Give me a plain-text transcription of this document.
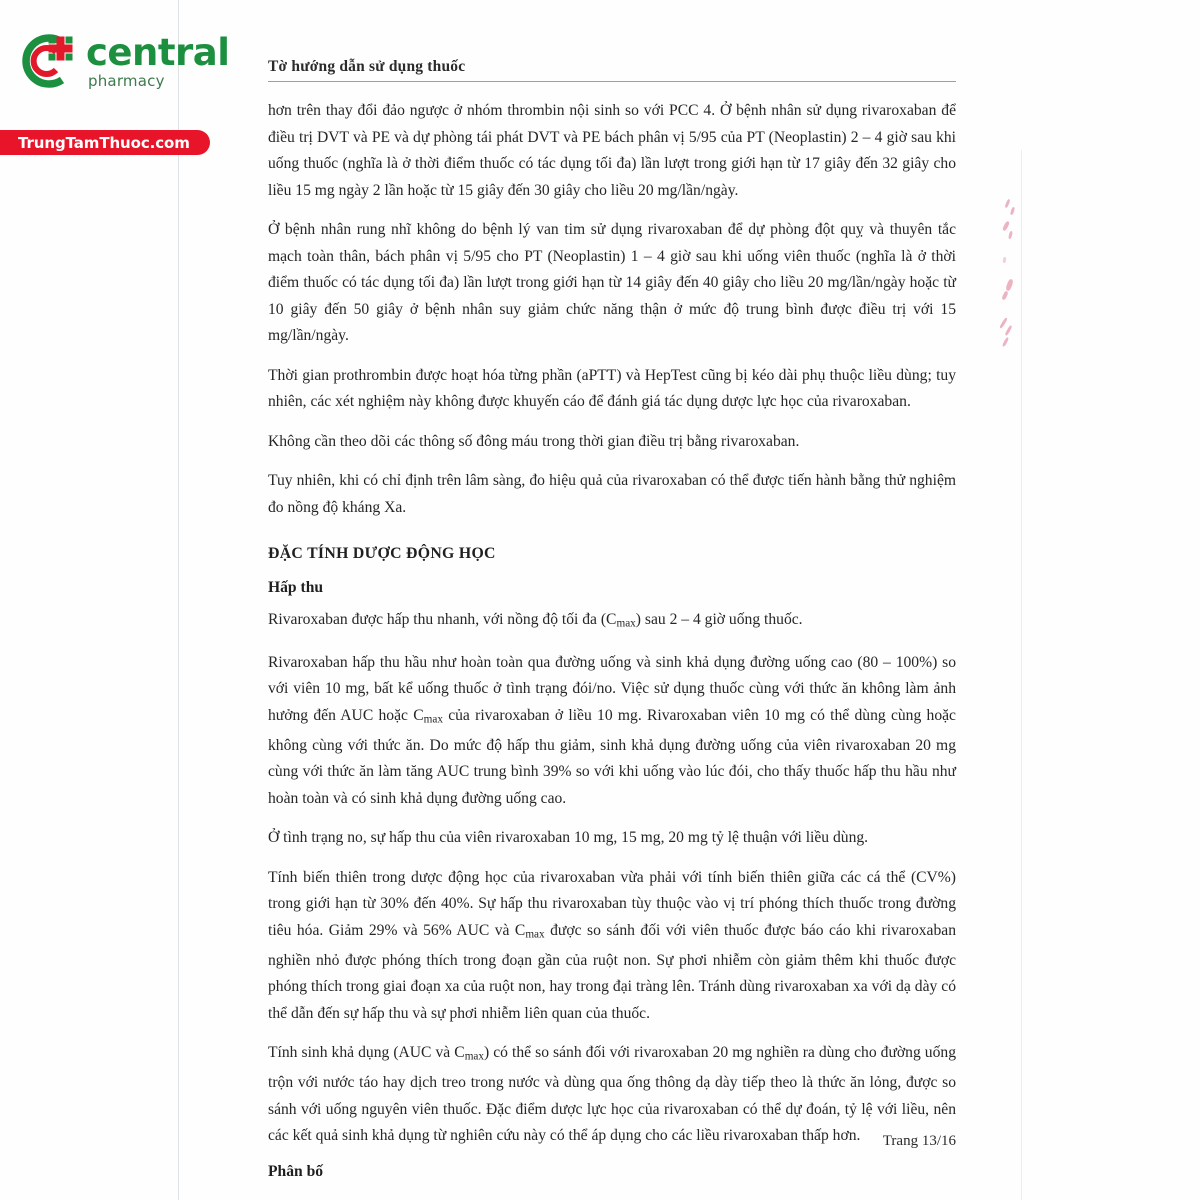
central
pharmacy
TrungTamThuoc.com
Tờ hướng dẫn sử dụng thuốc

hơn trên thay đổi đảo ngược ở nhóm thrombin nội sinh so với PCC 4. Ở bệnh nhân sử dụng rivaroxaban để điều trị DVT và PE và dự phòng tái phát DVT và PE bách phân vị 5/95 của PT (Neoplastin) 2 – 4 giờ sau khi uống thuốc (nghĩa là ở thời điểm thuốc có tác dụng tối đa) lần lượt trong giới hạn từ 17 giây đến 32 giây cho liều 15 mg ngày 2 lần hoặc từ 15 giây đến 30 giây cho liều 20 mg/lần/ngày.

Ở bệnh nhân rung nhĩ không do bệnh lý van tim sử dụng rivaroxaban để dự phòng đột quỵ và thuyên tắc mạch toàn thân, bách phân vị 5/95 cho PT (Neoplastin) 1 – 4 giờ sau khi uống viên thuốc (nghĩa là ở thời điểm thuốc có tác dụng tối đa) lần lượt trong giới hạn từ 14 giây đến 40 giây cho liều 20 mg/lần/ngày hoặc từ 10 giây đến 50 giây ở bệnh nhân suy giảm chức năng thận ở mức độ trung bình được điều trị với 15 mg/lần/ngày.

Thời gian prothrombin được hoạt hóa từng phần (aPTT) và HepTest cũng bị kéo dài phụ thuộc liều dùng; tuy nhiên, các xét nghiệm này không được khuyến cáo để đánh giá tác dụng dược lực học của rivaroxaban.

Không cần theo dõi các thông số đông máu trong thời gian điều trị bằng rivaroxaban.

Tuy nhiên, khi có chỉ định trên lâm sàng, đo hiệu quả của rivaroxaban có thể được tiến hành bằng thử nghiệm đo nồng độ kháng Xa.

ĐẶC TÍNH DƯỢC ĐỘNG HỌC
Hấp thu

Rivaroxaban được hấp thu nhanh, với nồng độ tối đa $(C_{max})$ sau 2 – 4 giờ uống thuốc.

Rivaroxaban hấp thu hầu như hoàn toàn qua đường uống và sinh khả dụng đường uống cao (80 – 100%) so với viên 10 mg, bất kể uống thuốc ở tình trạng đói/no. Việc sử dụng thuốc cùng với thức ăn không làm ảnh hưởng đến AUC hoặc $C_{max}$ của rivaroxaban ở liều 10 mg. Rivaroxaban viên 10 mg có thể dùng cùng hoặc không cùng với thức ăn. Do mức độ hấp thu giảm, sinh khả dụng đường uống của viên rivaroxaban 20 mg cùng với thức ăn làm tăng AUC trung bình 39% so với khi uống vào lúc đói, cho thấy thuốc hấp thu hầu như hoàn toàn và có sinh khả dụng đường uống cao.

Ở tình trạng no, sự hấp thu của viên rivaroxaban 10 mg, 15 mg, 20 mg tỷ lệ thuận với liều dùng.

Tính biến thiên trong dược động học của rivaroxaban vừa phải với tính biến thiên giữa các cá thể (CV%) trong giới hạn từ 30% đến 40%. Sự hấp thu rivaroxaban tùy thuộc vào vị trí phóng thích thuốc trong đường tiêu hóa. Giảm 29% và 56% AUC và $C_{max}$ được so sánh đối với viên thuốc được báo cáo khi rivaroxaban nghiền nhỏ được phóng thích trong đoạn gần của ruột non. Sự phơi nhiễm còn giảm thêm khi thuốc được phóng thích trong giai đoạn xa của ruột non, hay trong đại tràng lên. Tránh dùng rivaroxaban xa với dạ dày có thể dẫn đến sự hấp thu và sự phơi nhiễm liên quan của thuốc.

Tính sinh khả dụng (AUC và $C_{max}$) có thể so sánh đối với rivaroxaban 20 mg nghiền ra dùng cho đường uống trộn với nước táo hay dịch treo trong nước và dùng qua ống thông dạ dày tiếp theo là thức ăn lỏng, được so sánh với uống nguyên viên thuốc. Đặc điểm dược lực học của rivaroxaban có thể dự đoán, tỷ lệ với liều, nên các kết quả sinh khả dụng từ nghiên cứu này có thể áp dụng cho các liều rivaroxaban thấp hơn.

Phân bố
Trang 13/16
